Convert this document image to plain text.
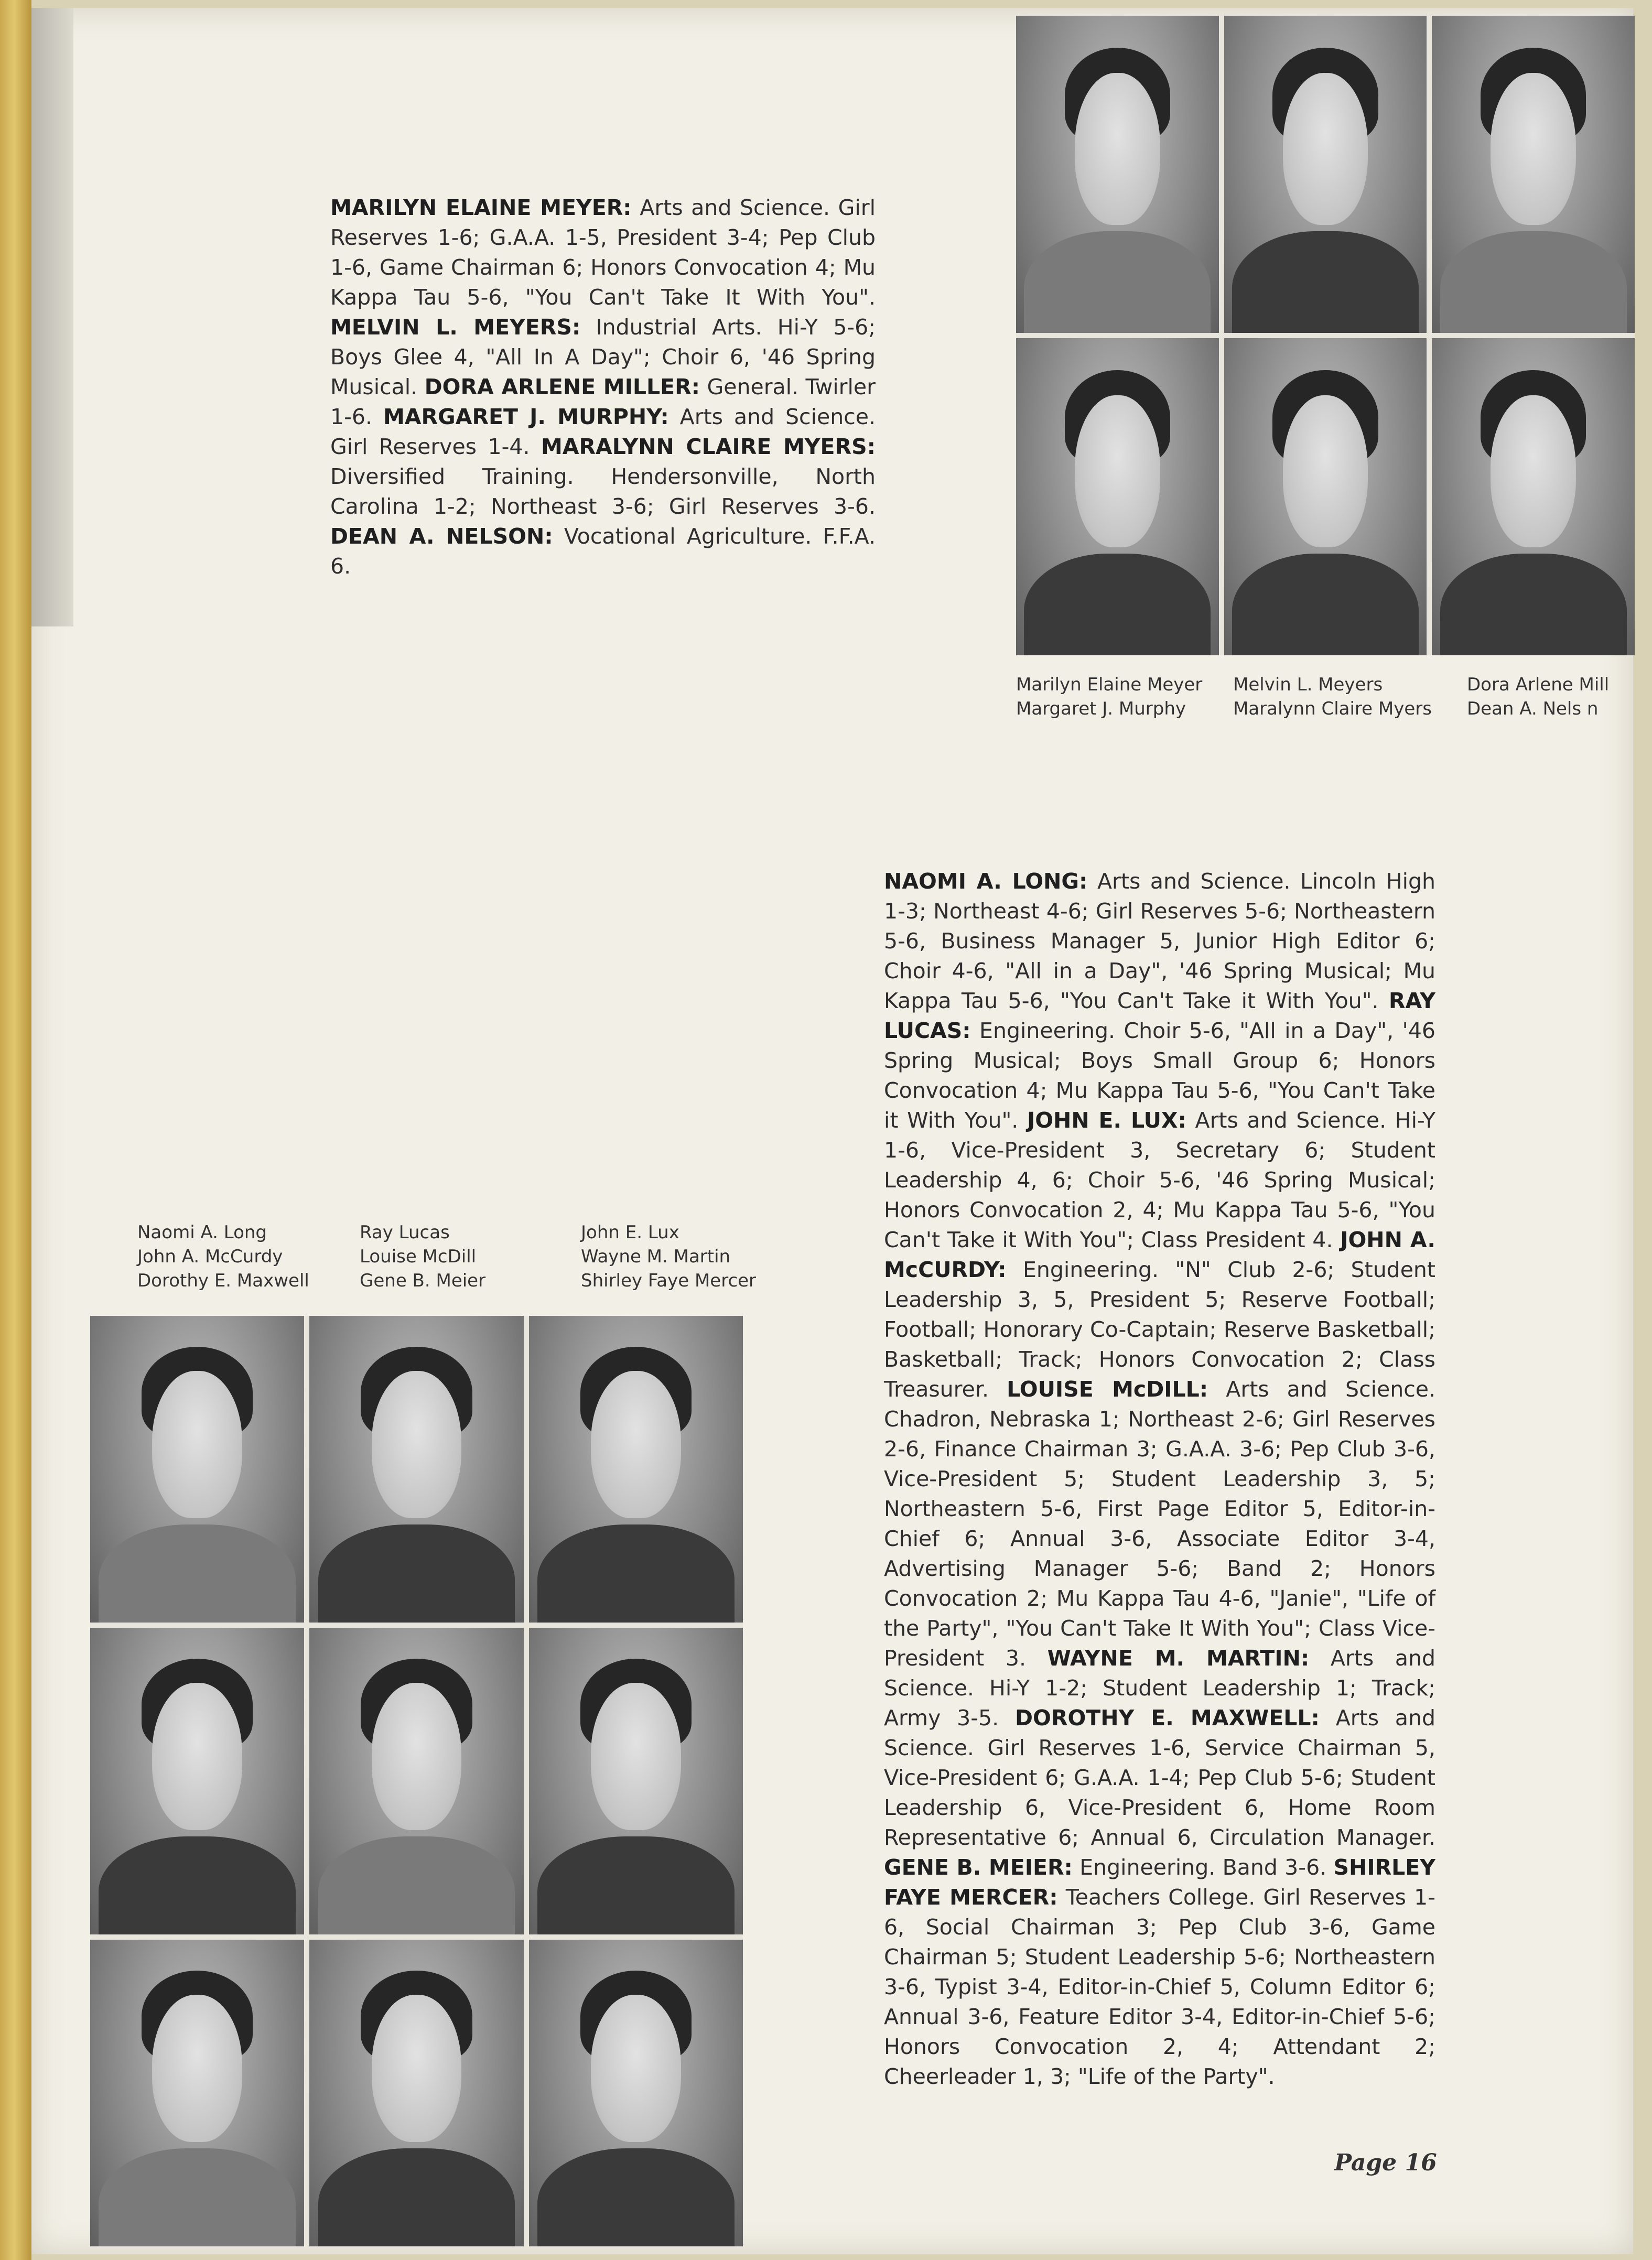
MARILYN ELAINE MEYER: Arts and Science. Girl Reserves 1-6; G.A.A. 1-5, President 3-4; Pep Club 1-6, Game Chairman 6; Honors Convocation 4; Mu Kappa Tau 5-6, "You Can't Take It With You". MELVIN L. MEYERS: Industrial Arts. Hi-Y 5-6; Boys Glee 4, "All In A Day"; Choir 6, '46 Spring Musical. DORA ARLENE MILLER: General. Twirler 1-6. MARGARET J. MURPHY: Arts and Science. Girl Reserves 1-4. MARALYNN CLAIRE MYERS: Diversified Training. Hendersonville, North Carolina 1-2; Northeast 3-6; Girl Reserves 3-6. DEAN A. NELSON: Vocational Agriculture. F.F.A. 6.
Marilyn Elaine Meyer
Margaret J. Murphy
Melvin L. Meyers
Maralynn Claire Myers
Dora Arlene Mill
Dean A. Nels n
Naomi A. Long
John A. McCurdy
Dorothy E. Maxwell
Ray Lucas
Louise McDill
Gene B. Meier
John E. Lux
Wayne M. Martin
Shirley Faye Mercer
NAOMI A. LONG: Arts and Science. Lincoln High 1-3; Northeast 4-6; Girl Reserves 5-6; Northeastern 5-6, Business Manager 5, Junior High Editor 6; Choir 4-6, "All in a Day", '46 Spring Musical; Mu Kappa Tau 5-6, "You Can't Take it With You". RAY LUCAS: Engineering. Choir 5-6, "All in a Day", '46 Spring Musical; Boys Small Group 6; Honors Convocation 4; Mu Kappa Tau 5-6, "You Can't Take it With You". JOHN E. LUX: Arts and Science. Hi-Y 1-6, Vice-President 3, Secretary 6; Student Leadership 4, 6; Choir 5-6, '46 Spring Musical; Honors Convocation 2, 4; Mu Kappa Tau 5-6, "You Can't Take it With You"; Class President 4. JOHN A. McCURDY: Engineering. "N" Club 2-6; Student Leadership 3, 5, President 5; Reserve Football; Football; Honorary Co-Captain; Reserve Basketball; Basketball; Track; Honors Convocation 2; Class Treasurer. LOUISE McDILL: Arts and Science. Chadron, Nebraska 1; Northeast 2-6; Girl Reserves 2-6, Finance Chairman 3; G.A.A. 3-6; Pep Club 3-6, Vice-President 5; Student Leadership 3, 5; Northeastern 5-6, First Page Editor 5, Editor-in-Chief 6; Annual 3-6, Associate Editor 3-4, Advertising Manager 5-6; Band 2; Honors Convocation 2; Mu Kappa Tau 4-6, "Janie", "Life of the Party", "You Can't Take It With You"; Class Vice-President 3. WAYNE M. MARTIN: Arts and Science. Hi-Y 1-2; Student Leadership 1; Track; Army 3-5. DOROTHY E. MAXWELL: Arts and Science. Girl Reserves 1-6, Service Chairman 5, Vice-President 6; G.A.A. 1-4; Pep Club 5-6; Student Leadership 6, Vice-President 6, Home Room Representative 6; Annual 6, Circulation Manager. GENE B. MEIER: Engineering. Band 3-6. SHIRLEY FAYE MERCER: Teachers College. Girl Reserves 1-6, Social Chairman 3; Pep Club 3-6, Game Chairman 5; Student Leadership 5-6; Northeastern 3-6, Typist 3-4, Editor-in-Chief 5, Column Editor 6; Annual 3-6, Feature Editor 3-4, Editor-in-Chief 5-6; Honors Convocation 2, 4; Attendant 2; Cheerleader 1, 3; "Life of the Party".
Page 16
